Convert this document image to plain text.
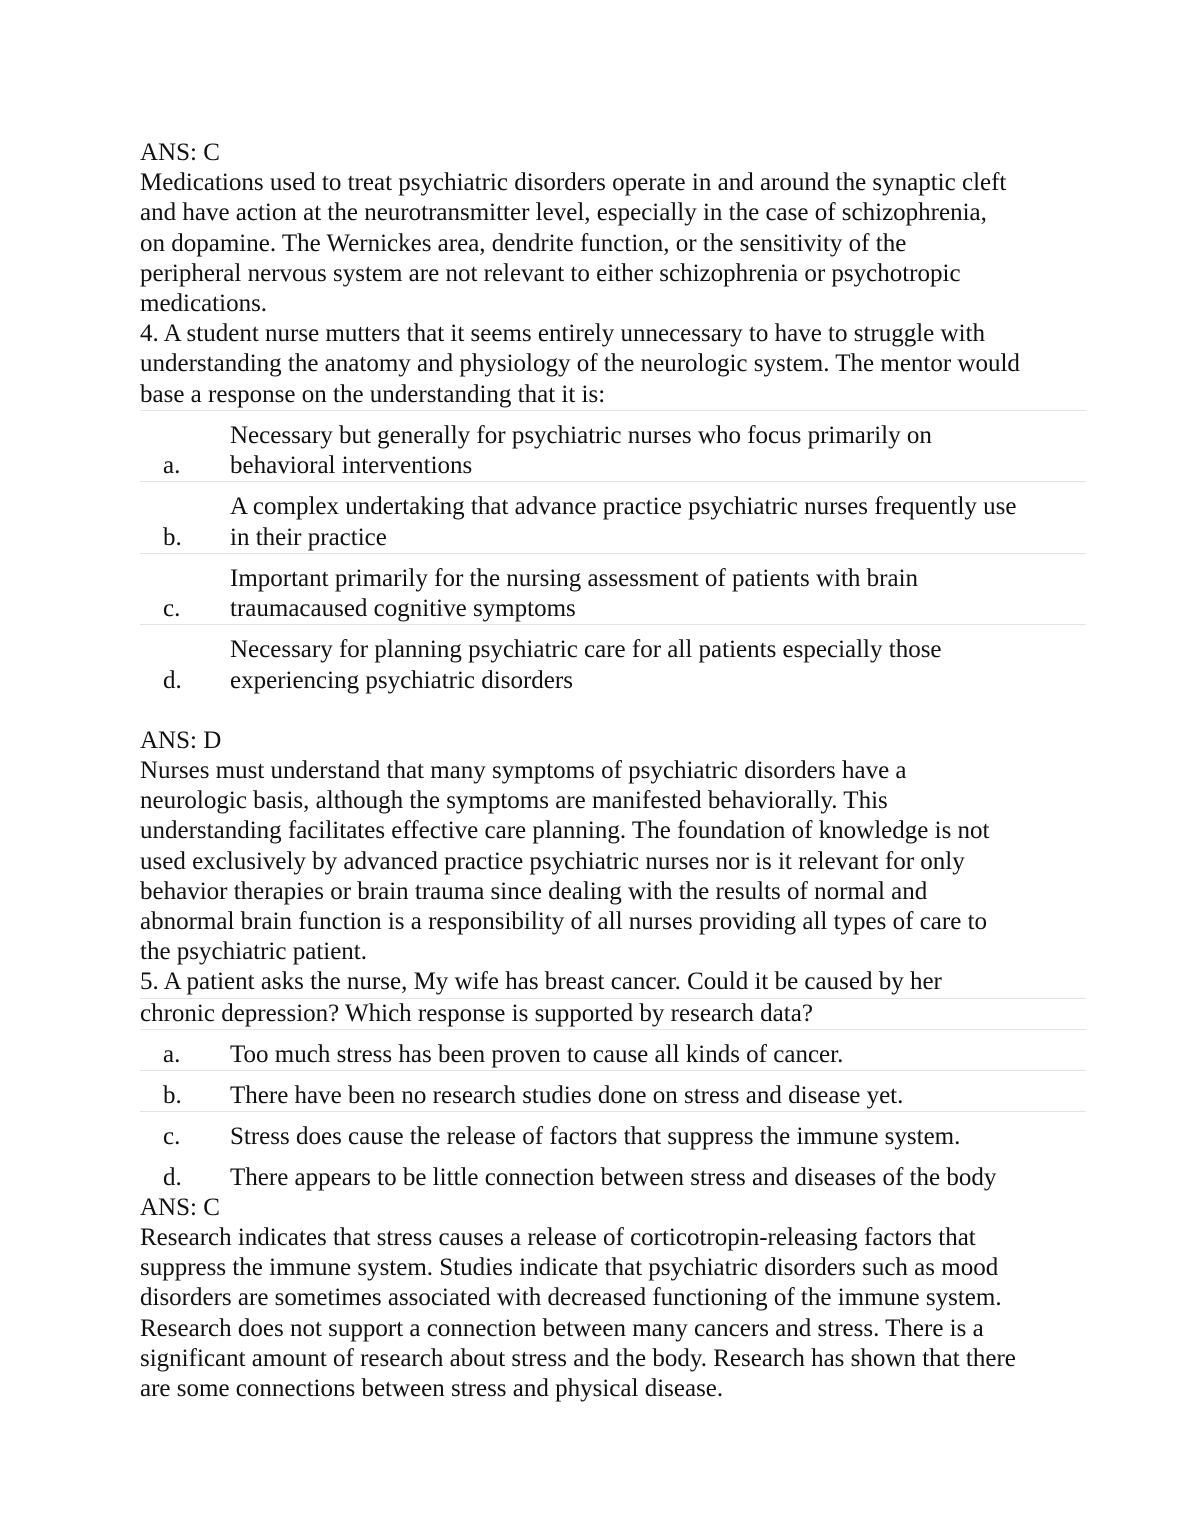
ANS: C
Medications used to treat psychiatric disorders operate in and around the synaptic cleft
and have action at the neurotransmitter level, especially in the case of schizophrenia,
on dopamine. The Wernickes area, dendrite function, or the sensitivity of the
peripheral nervous system are not relevant to either schizophrenia or psychotropic
medications.
4. A student nurse mutters that it seems entirely unnecessary to have to struggle with
understanding the anatomy and physiology of the neurologic system. The mentor would
base a response on the understanding that it is:
a.
Necessary but generally for psychiatric nurses who focus primarily on
behavioral interventions
b.
A complex undertaking that advance practice psychiatric nurses frequently use
in their practice
c.
Important primarily for the nursing assessment of patients with brain
traumacaused cognitive symptoms
d.
Necessary for planning psychiatric care for all patients especially those
experiencing psychiatric disorders
ANS: D
Nurses must understand that many symptoms of psychiatric disorders have a
neurologic basis, although the symptoms are manifested behaviorally. This
understanding facilitates effective care planning. The foundation of knowledge is not
used exclusively by advanced practice psychiatric nurses nor is it relevant for only
behavior therapies or brain trauma since dealing with the results of normal and
abnormal brain function is a responsibility of all nurses providing all types of care to
the psychiatric patient.
5. A patient asks the nurse, My wife has breast cancer. Could it be caused by her
chronic depression? Which response is supported by research data?
a.	Too much stress has been proven to cause all kinds of cancer.
b.	There have been no research studies done on stress and disease yet.
c.	Stress does cause the release of factors that suppress the immune system.
d.	There appears to be little connection between stress and diseases of the body
ANS: C
Research indicates that stress causes a release of corticotropin-releasing factors that
suppress the immune system. Studies indicate that psychiatric disorders such as mood
disorders are sometimes associated with decreased functioning of the immune system.
Research does not support a connection between many cancers and stress. There is a
significant amount of research about stress and the body. Research has shown that there
are some connections between stress and physical disease.
